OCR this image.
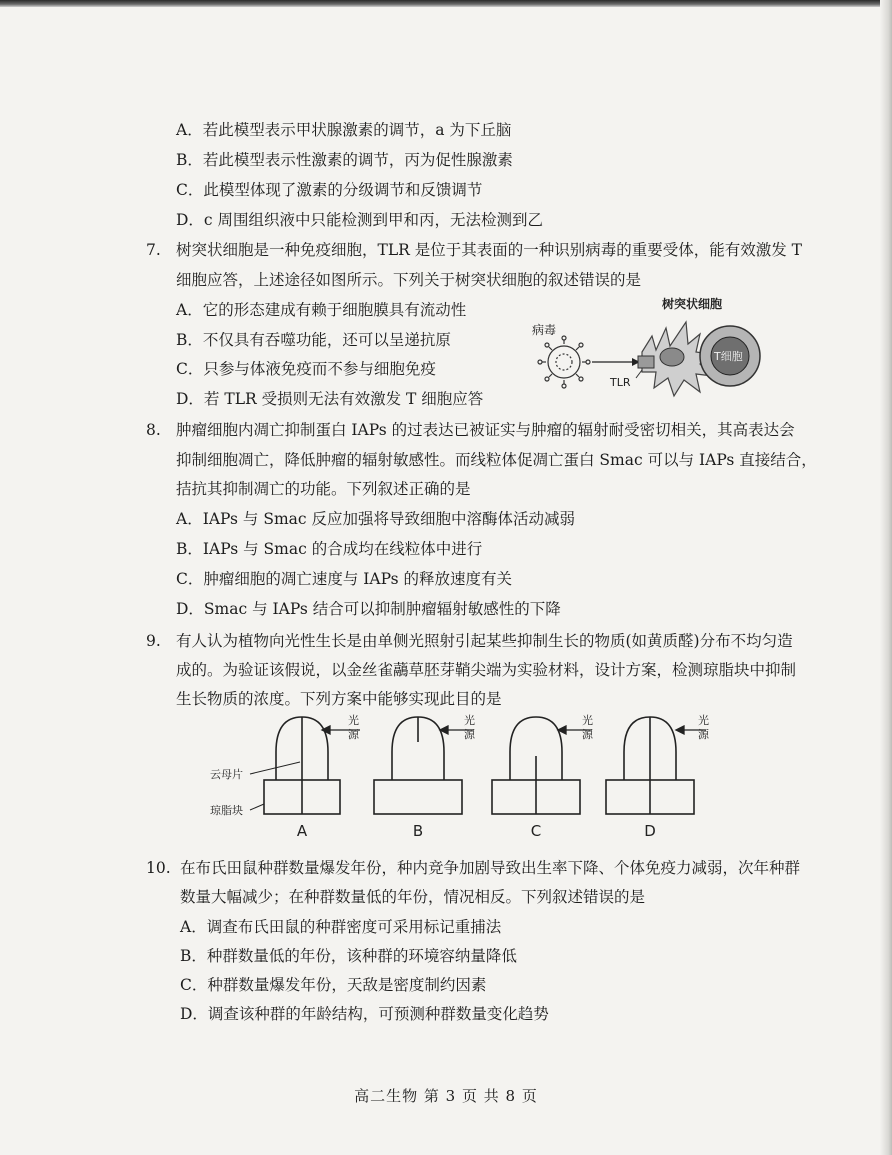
A．若此模型表示甲状腺激素的调节，a 为下丘脑
B．若此模型表示性激素的调节，丙为促性腺激素
C．此模型体现了激素的分级调节和反馈调节
D．c 周围组织液中只能检测到甲和丙，无法检测到乙
7. 树突状细胞是一种免疫细胞，TLR 是位于其表面的一种识别病毒的重要受体，能有效激发 T
细胞应答，上述途径如图所示。下列关于树突状细胞的叙述错误的是
A．它的形态建成有赖于细胞膜具有流动性
B．不仅具有吞噬功能，还可以呈递抗原
C．只参与体液免疫而不参与细胞免疫
D．若 TLR 受损则无法有效激发 T 细胞应答
树突状细胞
病毒
TLR
T细胞
8. 肿瘤细胞内凋亡抑制蛋白 IAPs 的过表达已被证实与肿瘤的辐射耐受密切相关，其高表达会
抑制细胞凋亡，降低肿瘤的辐射敏感性。而线粒体促凋亡蛋白 Smac 可以与 IAPs 直接结合，
拮抗其抑制凋亡的功能。下列叙述正确的是
A．IAPs 与 Smac 反应加强将导致细胞中溶酶体活动减弱
B．IAPs 与 Smac 的合成均在线粒体中进行
C．肿瘤细胞的凋亡速度与 IAPs 的释放速度有关
D．Smac 与 IAPs 结合可以抑制肿瘤辐射敏感性的下降
9. 有人认为植物向光性生长是由单侧光照射引起某些抑制生长的物质(如黄质醛)分布不均匀造
成的。为验证该假说，以金丝雀虉草胚芽鞘尖端为实验材料，设计方案，检测琼脂块中抑制
生长物质的浓度。下列方案中能够实现此目的是
光
源
光
源
光
源
光
源
云母片
琼脂块
A	B	C	D
10. 在布氏田鼠种群数量爆发年份，种内竞争加剧导致出生率下降、个体免疫力减弱，次年种群
数量大幅减少；在种群数量低的年份，情况相反。下列叙述错误的是
A．调查布氏田鼠的种群密度可采用标记重捕法
B．种群数量低的年份，该种群的环境容纳量降低
C．种群数量爆发年份，天敌是密度制约因素
D．调查该种群的年龄结构，可预测种群数量变化趋势
高二生物 第 3 页 共 8 页
